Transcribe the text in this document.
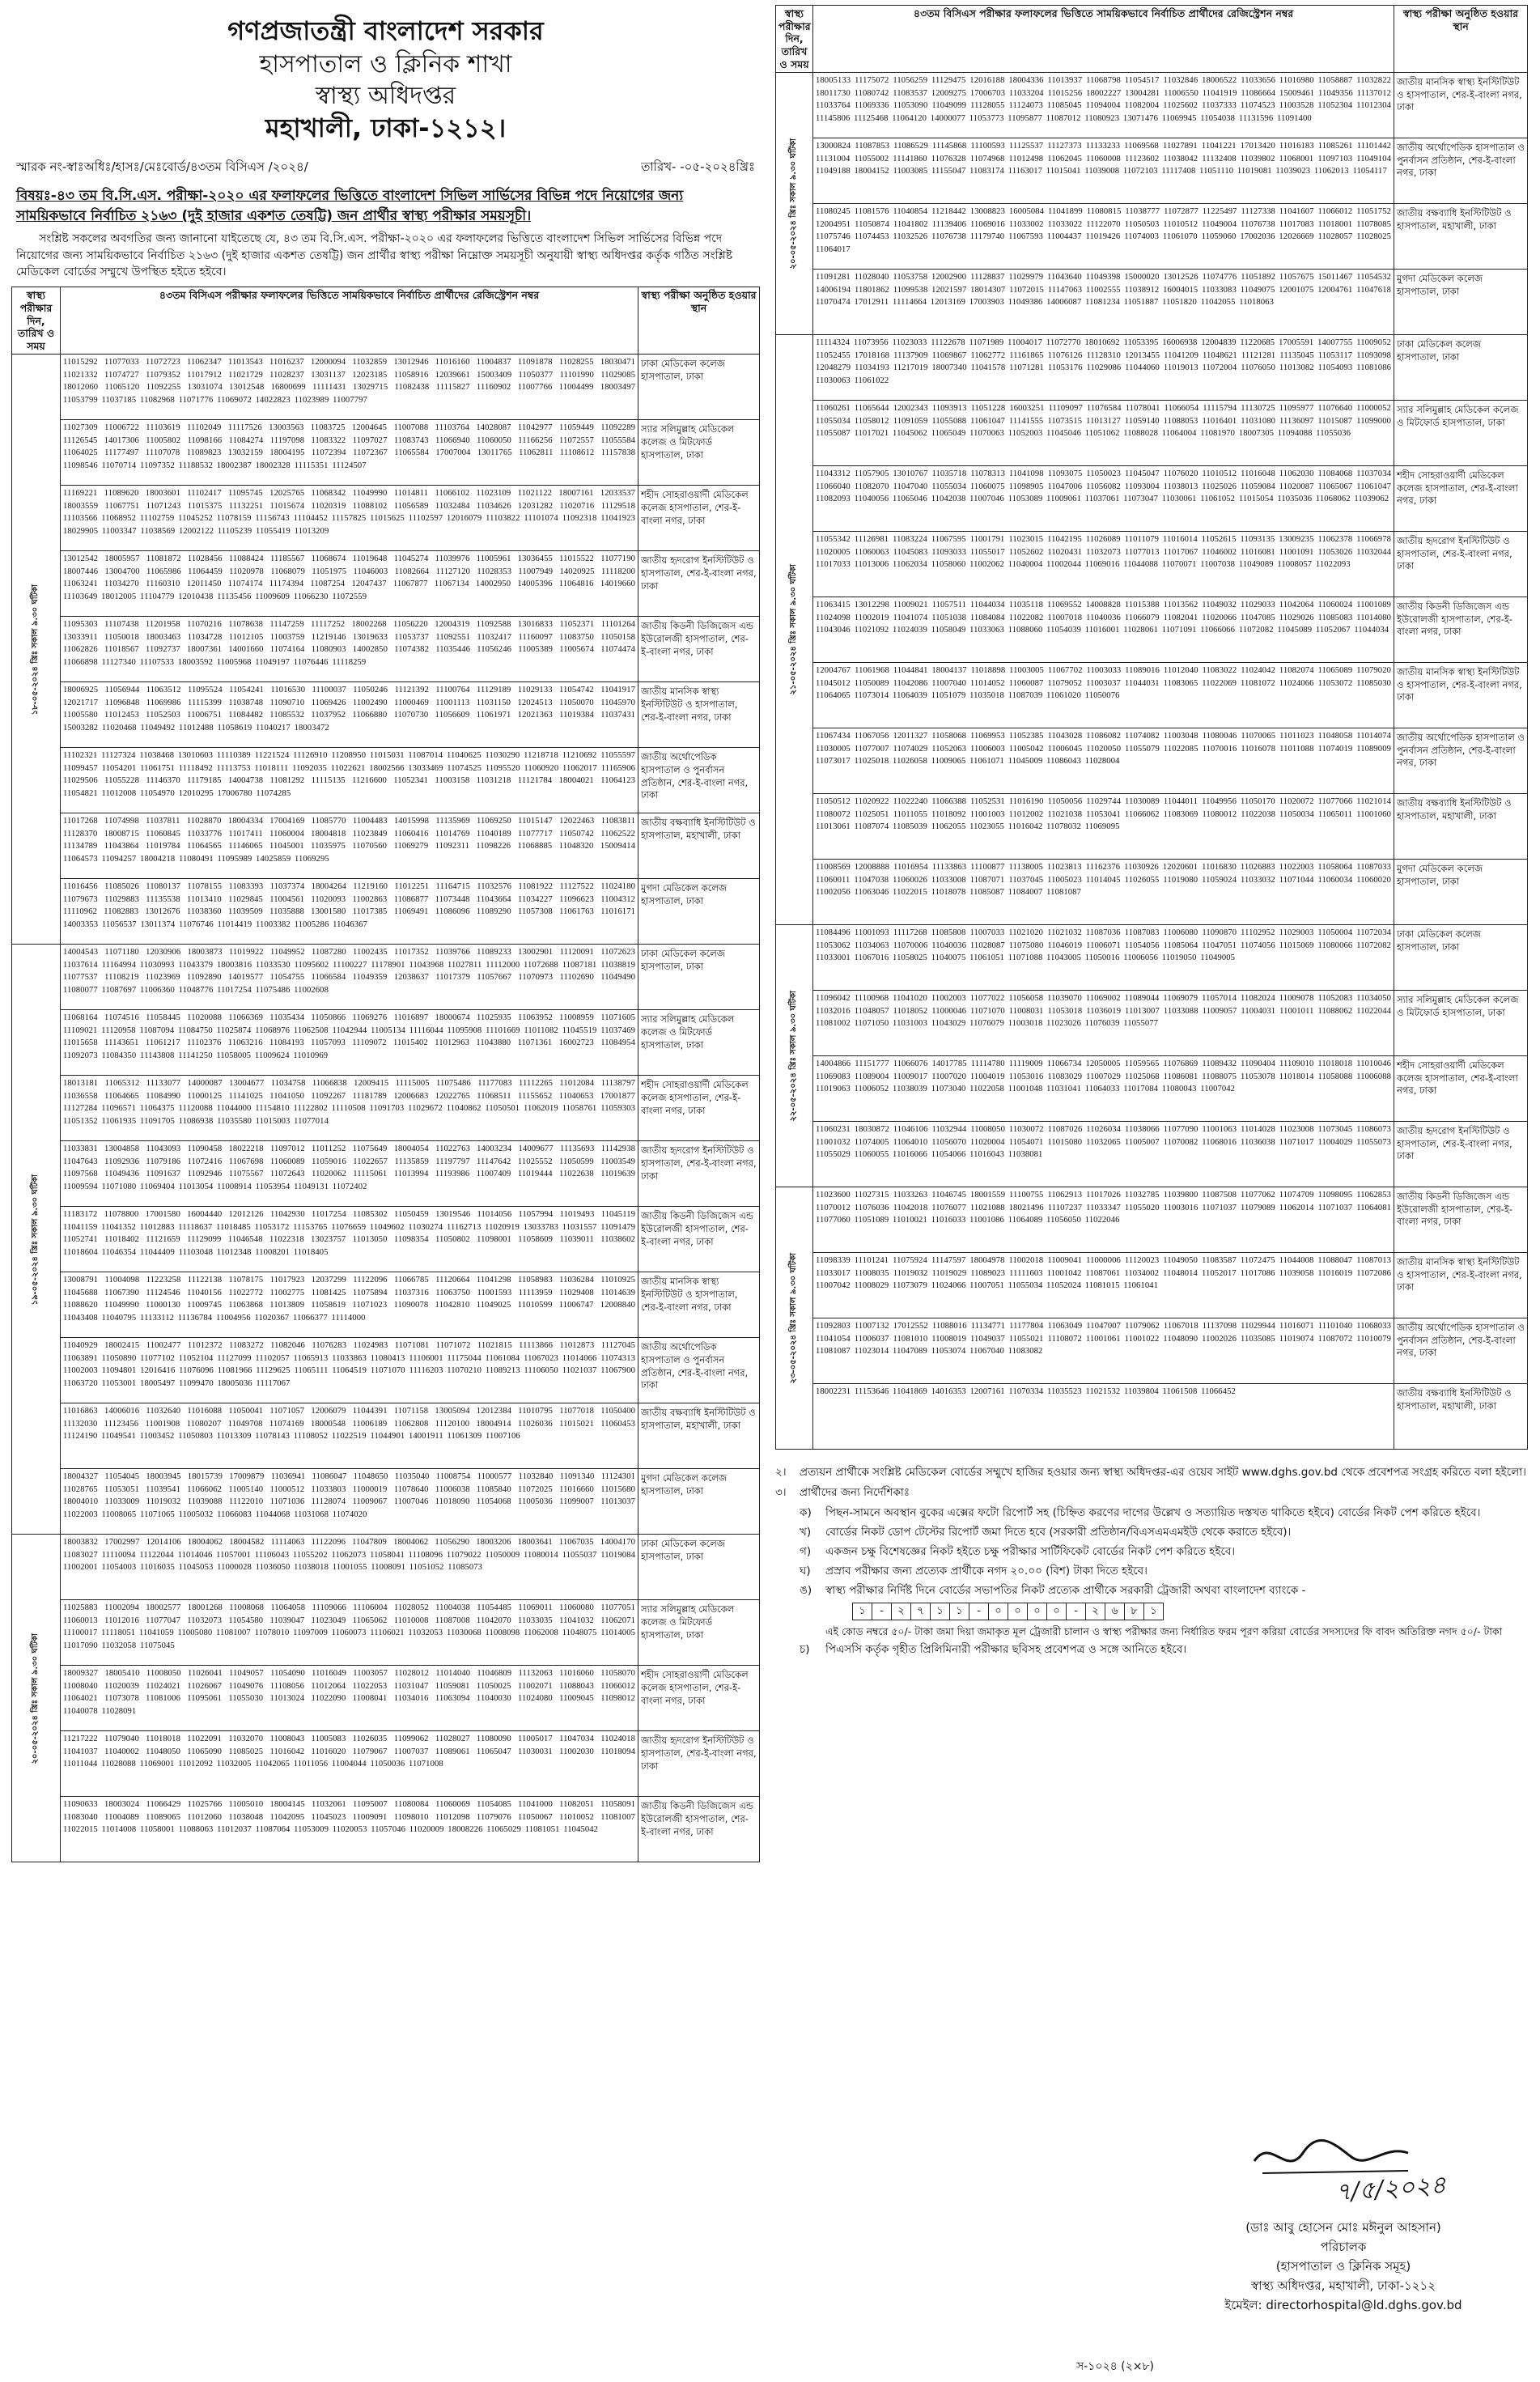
গণপ্রজাতন্ত্রী বাংলাদেশ সরকার
হাসপাতাল ও ক্লিনিক শাখা
স্বাস্থ্য অধিদপ্তর
মহাখালী, ঢাকা-১২১২।
স্মারক নং-স্বাঃঅধিঃ/হাসঃ/মেঃবোর্ড/৪৩তম বিসিএস /২০২৪/	তারিখ- -০৫-২০২৪খ্রিঃ
বিষয়ঃ-৪৩ তম বি.সি.এস. পরীক্ষা-২০২০ এর ফলাফলের ভিত্তিতে বাংলাদেশ সিভিল সার্ভিসের বিভিন্ন পদে নিয়োগের জন্য সাময়িকভাবে নির্বাচিত ২১৬৩ (দুই হাজার একশত তেষট্টি) জন প্রার্থীর স্বাস্থ্য পরীক্ষার সময়সূচী।
সংশ্লিষ্ট সকলের অবগতির জন্য জানানো যাইতেছে যে, ৪৩ তম বি.সি.এস. পরীক্ষা-২০২০ এর ফলাফলের ভিত্তিতে বাংলাদেশ সিভিল সার্ভিসের বিভিন্ন পদে নিয়োগের জন্য সাময়িকভাবে নির্বাচিত ২১৬৩ (দুই হাজার একশত তেষট্টি) জন প্রার্থীর স্বাস্থ্য পরীক্ষা নিম্নোক্ত সময়সূচী অনুযায়ী স্বাস্থ্য অধিদপ্তর কর্তৃক গঠিত সংশ্লিষ্ট মেডিকেল বোর্ডের সম্মুখে উপস্থিত হইতে হইবে।
স্বাস্থ্য পরীক্ষার দিন, তারিখ ও সময়	৪৩তম বিসিএস পরীক্ষার ফলাফলের ভিত্তিতে সাময়িকভাবে নির্বাচিত প্রার্থীদের রেজিস্ট্রেশন নম্বর	স্বাস্থ্য পরীক্ষা অনুষ্ঠিত হওয়ার স্থান

১৮-০৫-২০২৪ খ্রিঃ সকাল ৯.৩০ ঘটিকা	11015292 11077033 11072723 11062347 11013543 11016237 12000094 11032859 13012946 11016160 11004837 11091878 11028255 18030471 11021332 11074727 11079352 11017912 11021729 11028237 13031137 12023185 11058916 12039661 15003409 11050377 11101990 11029085 18012060 11065120 11092255 13031074 13012548 16800699 11111431 13029715 11082438 11115827 11160902 11007766 11004499 18003497 11053799 11037185 11082968 11071776 11069072 14022823 11023989 11007797	ঢাকা মেডিকেল কলেজ হাসপাতাল, ঢাকা
	11027309 11006722 11103619 11102049 11117526 13003563 11083725 12004645 11007088 11103764 14028087 11042977 11059449 11092289 11126545 14017306 11005802 11098166 11084274 11197098 11083322 11097027 11083743 11066940 11060050 11166256 11072557 11055584 11064025 11177497 11107078 11089823 13032159 18004195 11072394 11072367 11065584 17007004 13011765 11062811 11108612 11157838 11098546 11070714 11097352 11188532 18002387 18002328 11115351 11124507	স্যার সলিমুল্লাহ মেডিকেল কলেজ ও মিটফোর্ড হাসপাতাল, ঢাকা
	11169221 11089620 18003601 11102417 11095745 12025765 11068342 11049990 11014811 11066102 11023109 11021122 18007161 12033537 18003559 11067751 11071243 11015375 11132251 11015674 11020319 11088102 11056589 11032484 11034626 12031282 11020716 11129518 11103566 11068952 11102759 11045252 11078159 11156743 11104452 11157825 11015625 11102597 12016079 11103822 11101074 11092318 11041923 18029905 11003347 11038569 12002122 11105239 11055419 11013209	শহীদ সোহরাওয়ার্দী মেডিকেল কলেজ হাসপাতাল, শের-ই-বাংলা নগর, ঢাকা
	13012542 18005957 11081872 11028456 11088424 11185567 11068674 11019648 11045274 11039976 11005961 13036455 11015522 11077190 18007446 13004700 11065986 11064459 11020978 11068079 11051975 11046003 11082664 11127120 11028353 11007949 14020925 11118200 11063241 11034270 11160310 12011450 11074174 11174394 11087254 12047437 11067877 11067134 14002950 14005396 11064816 14019660 11103649 18012005 11104779 12010438 11135456 11009609 11066230 11072559	জাতীয় হৃদরোগ ইনস্টিটিউট ও হাসপাতাল, শের-ই-বাংলা নগর, ঢাকা
	11095303 11107438 11201958 11070216 11078638 11147259 11117252 18002268 11056220 12004319 11092588 13016833 11052371 11101264 13033911 11050018 18003463 11034728 11012105 11003759 11219146 13019633 11053737 11092551 11032417 11160097 11083750 11050158 11062826 11018567 11092737 18007361 14001660 11074164 11080903 14002850 11074382 11035446 11056246 11005389 11005674 11074474 11066898 11127340 11107533 18003592 11005968 11049197 11076446 11118259	জাতীয় কিডনী ডিজিজেস এন্ড ইউরোলজী হাসপাতাল, শের-ই-বাংলা নগর, ঢাকা
	18006925 11056944 11063512 11095524 11054241 11016530 11100037 11050246 11121392 11100764 11129189 11029133 11054742 11041917 12021717 11096848 11069986 11115399 11038748 11090710 11069426 11002490 11000469 11001113 11031150 12024513 11050070 11045970 11005580 11012453 11052503 11006751 11084482 11085532 11037952 11066880 11070730 11056609 11061971 12021363 11019384 11037431 15003282 11020468 11049492 11012488 11058619 11040217 18003472	জাতীয় মানসিক স্বাস্থ্য ইনস্টিটিউট ও হাসপাতাল, শের-ই-বাংলা নগর, ঢাকা
	11102321 11127324 11038468 13010603 11110389 11221524 11126910 11208950 11015031 11087014 11040625 11030290 11218718 11210692 11055597 11099457 11054201 11061751 11118492 11113753 11018111 11092035 11022621 18002566 13033469 11074525 11095520 11060920 11062017 11165906 11029506 11055228 11146370 11179185 14004738 11081292 11115135 11216600 11052341 11003158 11031218 11121784 18004021 11064123 11054821 11012008 11054970 12010295 17006780 11074285	জাতীয় অর্থোপেডিক হাসপাতাল ও পুনর্বাসন প্রতিষ্ঠান, শের-ই-বাংলা নগর, ঢাকা
	11017268 11074998 11037811 11028870 18004334 17004169 11085770 11004483 14015998 11135969 11069250 11015147 12022463 11083811 11128370 18008715 11060845 11033776 11017411 11060004 18004818 11023849 11060416 11014769 11040189 11077717 11050742 11062522 11134789 11043864 11019784 11064565 11146065 11045001 11035975 11070560 11069279 11092311 11098226 11068885 11048320 15009414 11064573 11094257 18004218 11080491 11095989 14025859 11069295	জাতীয় বক্ষব্যাধি ইনস্টিটিউট ও হাসপাতাল, মহাখালী, ঢাকা
	11016456 11085026 11080137 11078155 11083393 11037374 18004264 11219160 11012251 11164715 11032576 11081922 11127522 11024180 11079673 11029883 11135538 11013410 11029845 11004561 11020093 11002863 11086877 11073448 11043664 11034227 11096623 11004312 11110962 11082883 13012676 11038360 11039509 11035888 13001580 11017385 11069491 11086096 11089290 11057308 11061763 11016171 14003353 11056537 13011374 11076746 11014419 11003382 11005286 11046367	মুগদা মেডিকেল কলেজ হাসপাতাল, ঢাকা

১৯-০৫-২০২৪ খ্রিঃ সকাল ৯.৩০ ঘটিকা	14004543 11071180 12030906 18003873 11019922 11049952 11087280 11002435 11017352 11039766 11089233 13002901 11120091 11072623 11037614 11164994 11030993 11043379 18003816 11033530 11095602 11100227 11178901 11043968 11027811 11112000 11072688 11087181 11038819 11077537 11108219 11023969 11092890 14019577 11054755 11066584 11049359 12038637 11017379 11057667 11070973 11102690 11049490 11080077 11087697 11006360 11048776 11017254 11075486 11002608	ঢাকা মেডিকেল কলেজ হাসপাতাল, ঢাকা
	11068164 11074516 11058445 11020088 11066369 11035434 11050866 11069276 11016897 18000674 11025935 11063952 11008959 11071605 11109021 11120958 11087094 11084750 11025874 11068976 11062508 11042944 11005134 11116044 11095908 11101669 11011082 11045519 11037469 11015658 11143651 11061217 11102376 11063216 11084193 11057093 11109072 11015402 11012963 11043880 11071361 16002723 11084954 11092073 11084350 11143808 11141250 11058005 11009624 11010969	স্যার সলিমুল্লাহ মেডিকেল কলেজ ও মিটফোর্ড হাসপাতাল, ঢাকা
	18013181 11065312 11133077 14000087 13004677 11034758 11066838 12009415 11115005 11075486 11177083 11112265 11012084 11138797 11036558 11064665 11084990 11000125 11141025 11041050 11092267 11181789 12006683 12022765 11068511 11155652 11040653 17001877 11127284 11096571 11064375 11120088 11044000 11154810 11122802 11110508 11091703 11029672 11040862 11050501 11062019 11058761 11059303 11051352 11061935 11091705 11086938 11035580 11015003 11077014	শহীদ সোহরাওয়ার্দী মেডিকেল কলেজ হাসপাতাল, শের-ই-বাংলা নগর, ঢাকা
	11033831 13004858 11043093 11090458 18022218 11097012 11011252 11075649 18004054 11022763 14003234 14009677 11135693 11142938 11047643 11092936 11079186 11072416 11067698 11060089 11059016 11022657 11135859 11197797 11147642 11025552 11050599 11003549 11097568 11049436 11091637 11092946 11075567 11072643 11020062 11115061 11013994 11193986 11007409 11019444 11022638 11019639 11009594 11071080 11069404 11013054 11008914 11053954 11049131 11072402	জাতীয় হৃদরোগ ইনস্টিটিউট ও হাসপাতাল, শের-ই-বাংলা নগর, ঢাকা
	11183172 11078800 17001580 16004440 12012126 11042930 11017254 11085302 11050459 13019546 11014056 11057994 11019493 11045119 11041159 11041352 11012883 11118637 11018485 11053172 11153765 11076659 11049602 11030274 11162713 11020919 13033783 11031557 11091479 11052741 11018402 11121659 11129099 11046548 11022318 13023757 11013050 11098354 11050802 11098001 11058609 11039011 11038602 11018604 11046354 11044409 11103048 11012348 11008201 11018405	জাতীয় কিডনী ডিজিজেস এন্ড ইউরোলজী হাসপাতাল, শের-ই-বাংলা নগর, ঢাকা
	13008791 11004098 11223258 11122138 11078175 11017923 12037299 11122096 11066785 11120664 11041298 11058983 11036284 11010925 11045688 11067390 11124546 11040156 11022772 11002775 11081425 11075894 11037316 11063750 11001593 11113959 11029408 11014639 11088620 11049990 11000130 11009745 11063868 11013809 11058619 11071023 11090078 11042810 11049025 11010599 11006747 12008840 11043408 11040795 11133112 11136784 11004956 11020367 11066377 11114000	জাতীয় মানসিক স্বাস্থ্য ইনস্টিটিউট ও হাসপাতাল, শের-ই-বাংলা নগর, ঢাকা
	11040929 18002415 11002477 11012372 11083272 11082046 11076283 11024983 11071081 11071072 11021815 11113866 11012873 11127045 11063891 11050890 11077102 11052104 11127099 11102057 11065913 11033863 11080413 11106001 11175044 11061084 11067023 11014066 11074313 11002003 11094801 12016416 11076096 11081966 11129625 11065111 11064519 11071070 11116203 11070210 11089213 11106050 11021037 11067900 11063720 11053001 18005497 11099470 18005036 11117067	জাতীয় অর্থোপেডিক হাসপাতাল ও পুনর্বাসন প্রতিষ্ঠান, শের-ই-বাংলা নগর, ঢাকা
	11016863 14006016 11032640 11016088 11050041 11071057 12006079 11044391 11071158 13005094 12012384 11010795 11077018 11050400 11132030 11123456 11001908 11080207 11049708 11074169 18000548 11006189 11062808 11120100 18004914 11026036 11015021 11060453 11124190 11049541 11003452 11050803 11013309 11078143 11108052 11022519 11044901 14001911 11061309 11007106	জাতীয় বক্ষব্যাধি ইনস্টিটিউট ও হাসপাতাল, মহাখালী, ঢাকা
	18004327 11054045 18003945 18015739 17009879 11036941 11086047 11048650 11035040 11008754 11000577 11032840 11091340 11124301 11028765 11053051 11039541 11066062 11005140 11000512 11033803 11000019 11078640 11006038 11085840 11072025 11016660 11015680 18004010 11033009 11019032 11039088 11122010 11071036 11128074 11009067 11007046 11018090 11054068 11005036 11099007 11013037 11022003 11008065 11071065 11005032 11066083 11044068 11031068 11074020	মুগদা মেডিকেল কলেজ হাসপাতাল, ঢাকা

২০-০৫-২০২৪ খ্রিঃ সকাল ৯.৩০ ঘটিকা	18003832 17002997 12014106 18004062 18004582 11114063 11122096 11047809 18004062 11056290 18003206 18003641 11067035 14004170 11083027 11110094 11122044 11014046 11057001 11106043 11055202 11062073 11058041 11108096 11079022 11050009 11080014 11055037 11019084 11002001 11054003 11016035 11045053 11000028 11036050 11038018 11001055 11008091 11051052 11085073	ঢাকা মেডিকেল কলেজ হাসপাতাল, ঢাকা
	11025883 11002094 18002577 18001268 11008068 11064058 11109066 11106004 11028052 11004038 11054485 11069011 11060080 11077051 11060013 11012016 11077047 11032073 11054580 11039047 11023049 11065062 11010008 11087008 11042070 11033035 11041032 11062071 11100017 11118051 11041059 11005080 11081007 11078010 11097009 11060073 11106021 11032053 11030068 11008098 11062008 11048075 11014005 11017090 11032058 11075045	স্যার সলিমুল্লাহ মেডিকেল কলেজ ও মিটফোর্ড হাসপাতাল, ঢাকা
	18009327 18005410 11008050 11026041 11049057 11054090 11016049 11003057 11028012 11014040 11046809 11132063 11016060 11058070 11008040 11020039 11024021 11026067 11049076 11108056 11012064 11022053 11031047 11059081 11050025 11002071 11088043 11066012 11064021 11073078 11081006 11095061 11055030 11013024 11022090 11008041 11034016 11063094 11040030 11024080 11009045 11098012 11040078 11028091	শহীদ সোহরাওয়ার্দী মেডিকেল কলেজ হাসপাতাল, শের-ই-বাংলা নগর, ঢাকা
	11217222 11079040 11018018 11022091 11032070 11008043 11005083 11026035 11099062 11028027 11080090 11005017 11047034 11024018 11041037 11040002 11048050 11065090 11085025 11016042 11016020 11079067 11007037 11089061 11065047 11030031 11002030 11018094 11011044 11028088 11069001 11012092 11032005 11042065 11011056 11004044 11050036 11071008	জাতীয় হৃদরোগ ইনস্টিটিউট ও হাসপাতাল, শের-ই-বাংলা নগর, ঢাকা
	11090633 18003024 11066429 11025766 11005010 18004145 11032061 11095007 11080084 11060069 11054085 11041000 11082051 11058091 11083040 11004089 11089065 11012060 11038048 11042095 11045023 11009091 11098010 11012098 11079076 11050067 11010052 11081007 11022015 11014008 11058001 11088063 11012037 11087064 11053009 11020053 11057046 11020009 18008226 11065029 11081051 11045042	জাতীয় কিডনী ডিজিজেস এন্ড ইউরোলজী হাসপাতাল, শের-ই-বাংলা নগর, ঢাকা
স্বাস্থ্য পরীক্ষার দিন, তারিখ ও সময়	৪৩তম বিসিএস পরীক্ষার ফলাফলের ভিত্তিতে সাময়িকভাবে নির্বাচিত প্রার্থীদের রেজিস্ট্রেশন নম্বর	স্বাস্থ্য পরীক্ষা অনুষ্ঠিত হওয়ার স্থান

২০-০৫-২০২৪ খ্রিঃ সকাল ৯.৩০ ঘটিকা	18005133 11175072 11056259 11129475 12016188 18004336 11013937 11068798 11054517 11032846 18006522 11033656 11016980 11058887 11032822 18011730 11080742 11083537 12009275 17006703 11033204 11015256 18002227 13004281 11006550 11041919 11086664 15009461 11049356 11137012 11033764 11069336 11053090 11049099 11128055 11124073 11085045 11094004 11082004 11025602 11037333 11074523 11003528 11052304 11012304 11145806 11125468 11064120 14000077 11053773 11095877 11087012 11080923 13071476 11069945 11054038 11131596 11091400	জাতীয় মানসিক স্বাস্থ্য ইনস্টিটিউট ও হাসপাতাল, শের-ই-বাংলা নগর, ঢাকা
	13000824 11087853 11086529 11145868 11100593 11125537 11127373 11133233 11069568 11027891 11041221 17013420 11016183 11085261 11101442 11131004 11055002 11141860 11076328 11074968 11012498 11062045 11060008 11123602 11038042 11132408 11039802 11068001 11097103 11049104 11049188 18004152 11003085 11155047 11083174 11163017 11015041 11039008 11072103 11117408 11051110 11019081 11039023 11062013 11054117	জাতীয় অর্থোপেডিক হাসপাতাল ও পুনর্বাসন প্রতিষ্ঠান, শের-ই-বাংলা নগর, ঢাকা
	11080245 11081576 11040854 11218442 13008823 16005084 11041899 11080815 11038777 11072877 11225497 11127338 11041607 11066012 11051752 12004951 11050874 11041802 11139406 11069016 11033002 11033022 11122070 11050503 11010512 11049004 11076738 11017083 11018001 11078085 11075746 11074453 11032526 11076738 11179740 11067593 11004437 11019426 11074003 11061070 11059060 17002036 12026669 11028057 11028025 11064017	জাতীয় বক্ষব্যাধি ইনস্টিটিউট ও হাসপাতাল, মহাখালী, ঢাকা
	11091281 11028040 11053758 12002900 11128837 11029979 11043640 11049398 15000020 13012526 11074776 11051892 11057675 15011467 11054532 14006194 11801862 11099538 12021597 18014307 11072015 11147063 11002555 11038912 16004015 11033083 11049075 12001075 12004761 11047618 11070474 17012911 11114664 12013169 17003903 11049386 14006087 11081234 11051887 11051820 11042055 11018063	মুগদা মেডিকেল কলেজ হাসপাতাল, ঢাকা

২১-০৫-২০২৪ খ্রিঃ সকাল ৯.৩০ ঘটিকা	11114324 11073956 11023033 11122678 11071989 11004017 11072770 18010692 11053395 16006938 12004839 11220685 17005591 14007755 11009052 11052455 17018168 11137909 11069867 11062772 11161865 11076126 11128310 12013455 11041209 11048621 11121281 11135045 11053117 11093098 12048279 11034193 11217019 18007340 11041578 11071281 11053176 11029086 11044060 11019013 11072004 11076050 11013082 11054093 11081086 11030063 11061022	ঢাকা মেডিকেল কলেজ হাসপাতাল, ঢাকা
	11060261 11065644 12002343 11093913 11051228 16003251 11109097 11076584 11078041 11066054 11115794 11130725 11095977 11076640 11000052 11055034 11058012 11091059 11055088 11061047 11141555 11073515 11013127 11059140 11088053 11016401 11031080 11136097 11015087 11099000 11055087 11017021 11045062 11065049 11070063 11052003 11045046 11051062 11088028 11064004 11081970 18007305 11094088 11055036	স্যার সলিমুল্লাহ মেডিকেল কলেজ ও মিটফোর্ড হাসপাতাল, ঢাকা
	11043312 11057905 13010767 11035718 11078313 11041098 11093075 11050023 11045047 11076020 11010512 11016048 11062030 11084068 11037034 11066040 11082070 11047040 11055034 11060075 11098905 11047006 11056082 11093004 11038013 11025026 11059084 11020087 11065067 11061047 11082093 11040056 11065046 11042038 11007046 11053089 11009061 11037061 11073047 11030061 11061052 11015054 11035036 11068062 11039062	শহীদ সোহরাওয়ার্দী মেডিকেল কলেজ হাসপাতাল, শের-ই-বাংলা নগর, ঢাকা
	11055342 11126981 11083224 11067595 11001791 11023015 11042195 11026089 11011079 11016014 11052615 11093135 13009235 11062378 11066978 11020005 11060063 11045083 11093033 11055017 11052602 11020431 11032073 11077013 11017067 11046002 11016081 11001091 11053026 11032044 11017033 11013006 11062034 11058060 11002062 11040004 11002044 11069016 11044088 11070071 11007038 11049089 11008057 11022093	জাতীয় হৃদরোগ ইনস্টিটিউট ও হাসপাতাল, শের-ই-বাংলা নগর, ঢাকা
	11063415 13012298 11009021 11057511 11044034 11035118 11069552 14008828 11015388 11013562 11049032 11029033 11042064 11060024 11001089 11024098 11002019 11041074 11051038 11084084 11022082 11007018 11040036 11066079 11082041 11020066 11047085 11029026 11085083 11014080 11043046 11021092 11024039 11058049 11033063 11088060 11054039 11016001 11028061 11071091 11066066 11072082 11045089 11052067 11044034	জাতীয় কিডনী ডিজিজেস এন্ড ইউরোলজী হাসপাতাল, শের-ই-বাংলা নগর, ঢাকা
	12004767 11061968 11044841 18004137 11018898 11003005 11067702 11003033 11089016 11012040 11083022 11024042 11082074 11065089 11079020 11045012 11050089 11042086 11007040 11014052 11060087 11079052 11003037 11044031 11083065 11022069 11081072 11024066 11053072 11085030 11064065 11073014 11064039 11051079 11035018 11087039 11061020 11050076	জাতীয় মানসিক স্বাস্থ্য ইনস্টিটিউট ও হাসপাতাল, শের-ই-বাংলা নগর, ঢাকা
	11067434 11067056 12011327 11058068 11069953 11052385 11043028 11086082 11074082 11003048 11080046 11070065 11011023 11048058 11014074 11030005 11077007 11074029 11052063 11006003 11005042 11006045 11020050 11055079 11022085 11070016 11016078 11011088 11074019 11089009 11073017 11025018 11026058 11009065 11061071 11045009 11086043 11028004	জাতীয় অর্থোপেডিক হাসপাতাল ও পুনর্বাসন প্রতিষ্ঠান, শের-ই-বাংলা নগর, ঢাকা
	11050512 11020922 11022240 11066388 11052531 11016190 11050056 11029744 11030089 11044011 11049956 11050170 11020072 11077066 11021014 11080072 11025051 11011055 11018092 11001003 11012002 11021038 11053041 11066062 11083069 11080012 11022038 11050034 11065011 11001060 11013061 11087074 11085039 11062055 11023055 11016042 11078032 11069095	জাতীয় বক্ষব্যাধি ইনস্টিটিউট ও হাসপাতাল, মহাখালী, ঢাকা
	11008569 12008888 11016954 11133863 11100877 11138005 11023813 11162376 11030926 12020601 11016830 11026883 11022003 11058064 11087033 11060011 11047038 11060026 11033008 11087071 11037045 11005023 11014045 11026055 11019080 11059024 11033032 11071044 11060034 11060020 11002056 11063046 11022015 11018078 11085087 11084007 11081087	মুগদা মেডিকেল কলেজ হাসপাতাল, ঢাকা

২২-০৫-২০২৪ খ্রিঃ সকাল ৯.৩০ ঘটিকা	11084496 11001093 11117268 11085808 11007033 11021020 11021032 11087036 11087083 11006080 11090870 11102952 11029003 11050004 11072034 11053062 11034063 11070006 11040036 11028087 11075080 11046019 11006071 11054056 11085064 11047051 11074056 11015069 11080066 11072082 11033001 11067016 11058025 11040075 11061051 11071088 11043005 11050016 11006056 11019050 11049005	ঢাকা মেডিকেল কলেজ হাসপাতাল, ঢাকা
	11096042 11100968 11041020 11002003 11077022 11056058 11039070 11069002 11089044 11069079 11057014 11082024 11009078 11052083 11034050 11032016 11048057 11018052 11000046 11071070 11008031 11053018 11036019 11013007 11033088 11009057 11004031 11001011 11088062 11022044 11081002 11071050 11031003 11043029 11076079 11003018 11023026 11076039 11055077	স্যার সলিমুল্লাহ মেডিকেল কলেজ ও মিটফোর্ড হাসপাতাল, ঢাকা
	14004866 11151777 11066076 14017785 11114780 11119009 11066734 12050005 11059565 11076869 11089432 11090404 11109010 11018018 11010046 11069083 11089004 11009017 11007020 11004019 11053016 11083029 11007029 11025068 11086081 11088075 11053078 11018014 11058088 11006088 11019063 11006052 11038039 11073040 11022058 11001048 11031041 11064033 11017084 11080043 11007042	শহীদ সোহরাওয়ার্দী মেডিকেল কলেজ হাসপাতাল, শের-ই-বাংলা নগর, ঢাকা
	11060231 18030872 11046106 11032944 11008050 11030072 11087026 11026034 11038066 11077090 11001063 11014028 11023008 11073045 11086073 11001032 11074005 11064010 11056070 11020004 11054071 11015080 11032065 11005007 11070082 11068016 11036038 11071017 11004029 11055073 11055029 11060055 11016066 11054066 11016043 11038081	জাতীয় হৃদরোগ ইনস্টিটিউট ও হাসপাতাল, শের-ই-বাংলা নগর, ঢাকা

২৩-০৫-২০২৪ খ্রিঃ সকাল ৯.৩০ ঘটিকা	11023600 11027315 11033263 11046745 18001559 11100755 11062913 11017026 11032785 11039800 11087508 11077062 11074709 11098095 11062853 11070012 11076036 11042018 11076077 11021088 18021496 11107237 11033347 11055020 11003016 11071037 11079089 11062014 11071037 11064081 11077060 11051089 11010021 11016033 11001086 11064089 11056050 11022046	জাতীয় কিডনী ডিজিজেস এন্ড ইউরোলজী হাসপাতাল, শের-ই-বাংলা নগর, ঢাকা
	11098339 11101241 11075924 11147597 18004978 11002018 11009041 11000006 11120023 11049050 11083587 11072475 11044008 11088047 11087013 11033017 11008035 11019032 11019029 11089023 11111603 11001042 11087061 11034002 11048014 11052017 11017086 11039058 11016019 11072086 11007042 11008029 11073079 11024066 11007051 11055034 11052024 11081015 11061041	জাতীয় মানসিক স্বাস্থ্য ইনস্টিটিউট ও হাসপাতাল, শের-ই-বাংলা নগর, ঢাকা
	11092803 11007132 17012552 11088016 11134771 11177804 11063049 11047007 11079062 11067018 11137098 11029944 11016071 11101040 11068033 11041054 11006037 11081010 11008019 11049037 11055021 11108072 11001061 11001022 11048090 11002026 11035085 11019074 11087072 11010079 11081087 11023014 11047089 11053074 11067040 11083082	জাতীয় অর্থোপেডিক হাসপাতাল ও পুনর্বাসন প্রতিষ্ঠান, শের-ই-বাংলা নগর, ঢাকা
	18002231 11153646 11041869 14016353 12007161 11070334 11035523 11021532 11039804 11061508 11066452	জাতীয় বক্ষব্যাধি ইনস্টিটিউট ও হাসপাতাল, মহাখালী, ঢাকা
২।	প্রত্যয়ন প্রার্থীকে সংশ্লিষ্ট মেডিকেল বোর্ডের সম্মুখে হাজির হওয়ার জন্য স্বাস্থ্য অধিদপ্তর-এর ওয়েব সাইট www.dghs.gov.bd থেকে প্রবেশপত্র সংগ্রহ করিতে বলা হইলো।
৩।	প্রার্থীদের জন্য নির্দেশিকাঃ
ক)	পিছন-সামনে অবস্থান বুকের এক্সের ফটো রিপোর্ট সহ (চিহ্নিত করণের দাগের উল্লেখ ও সত্যায়িত দস্তখত থাকিতে হইবে) বোর্ডের নিকট পেশ করিতে হইবে।
খ)	বোর্ডের নিকট ডোপ টেস্টের রিপোর্ট জমা দিতে হবে (সরকারী প্রতিষ্ঠান/বিএসএমএমইউ থেকে করাতে হইবে)।
গ)	একজন চক্ষু বিশেষজ্ঞের নিকট হইতে চক্ষু পরীক্ষার সার্টিফিকেট বোর্ডের নিকট পেশ করিতে হইবে।
ঘ)	প্রস্রাব পরীক্ষার জন্য প্রত্যেক প্রার্থীকে নগদ ২০.০০ (বিশ) টাকা দিতে হইবে।
ঙ)	স্বাস্থ্য পরীক্ষার নির্দিষ্ট দিনে বোর্ডের সভাপতির নিকট প্রত্যেক প্রার্থীকে সরকারী ট্রেজারী অথবা বাংলাদেশ ব্যাংকে -
১	-	২	৭	১	১	-	০	০	০	০	-	২	৬	৮	১
এই কোড নম্বরে ৫০/- টাকা জমা দিয়া জমাকৃত মূল ট্রেজারী চালান ও স্বাস্থ্য পরীক্ষার জন্য নির্ধারিত ফরম পূরণ করিয়া বোর্ডের সদস্যদের ফি বাবদ অতিরিক্ত নগদ ৫০/- টাকা
চ)	পিএসসি কর্তৃক গৃহীত প্রিলিমিনারী পরীক্ষার ছবিসহ প্রবেশপত্র ও সঙ্গে আনিতে হইবে।
৭/৫/২০২৪
(ডাঃ আবু হোসেন মোঃ মঈনুল আহসান)
পরিচালক
(হাসপাতাল ও ক্লিনিক সমূহ)
স্বাস্থ্য অধিদপ্তর, মহাখালী, ঢাকা-১২১২
ইমেইল: directorhospital@ld.dghs.gov.bd
স-১০২৪ (২×৮)
